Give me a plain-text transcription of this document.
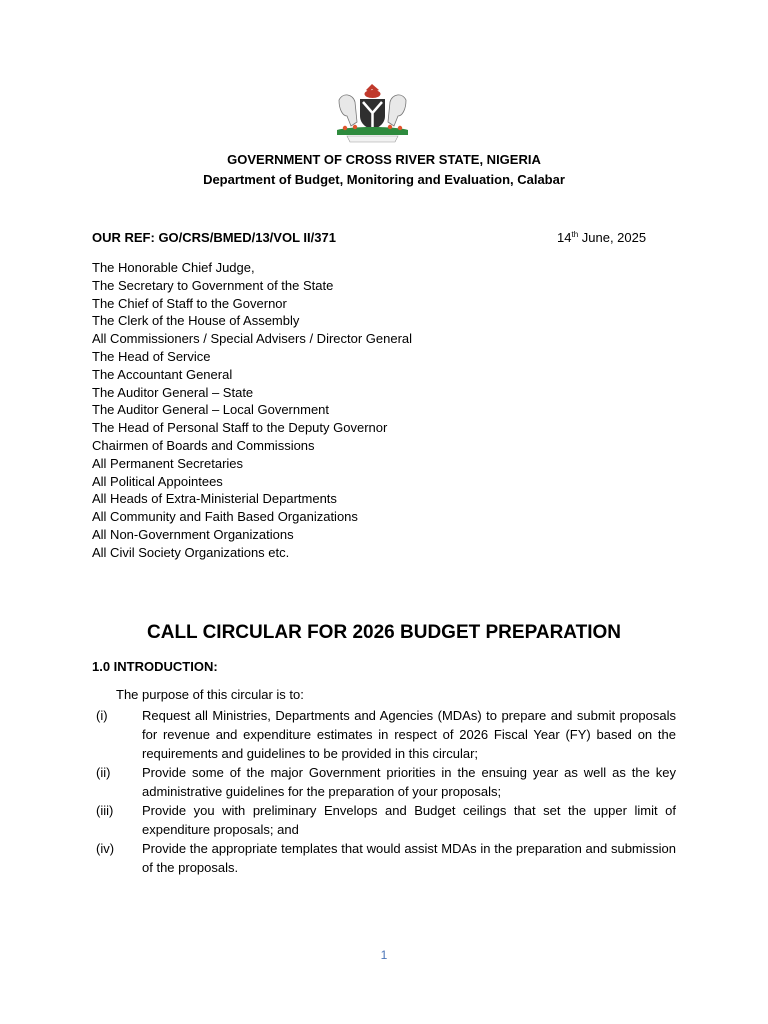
GOVERNMENT OF CROSS RIVER STATE, NIGERIA
Department of Budget, Monitoring and Evaluation, Calabar
OUR REF: GO/CRS/BMED/13/VOL II/371	14th June, 2025
The Honorable Chief Judge,
The Secretary to Government of the State
The Chief of Staff to the Governor
The Clerk of the House of Assembly
All Commissioners / Special Advisers / Director General
The Head of Service
The Accountant General
The Auditor General – State
The Auditor General – Local Government
The Head of Personal Staff to the Deputy Governor
Chairmen of Boards and Commissions
All Permanent Secretaries
All Political Appointees
All Heads of Extra-Ministerial Departments
All Community and Faith Based Organizations
All Non-Government Organizations
All Civil Society Organizations etc.
CALL CIRCULAR FOR 2026 BUDGET PREPARATION
1.0 INTRODUCTION:
The purpose of this circular is to:
(i)	Request all Ministries, Departments and Agencies (MDAs) to prepare and submit proposals for revenue and expenditure estimates in respect of 2026 Fiscal Year (FY) based on the requirements and guidelines to be provided in this circular;
(ii)	Provide some of the major Government priorities in the ensuing year as well as the key administrative guidelines for the preparation of your proposals;
(iii)	Provide you with preliminary Envelops and Budget ceilings that set the upper limit of expenditure proposals; and
(iv)	Provide the appropriate templates that would assist MDAs in the preparation and submission of the proposals.
1
